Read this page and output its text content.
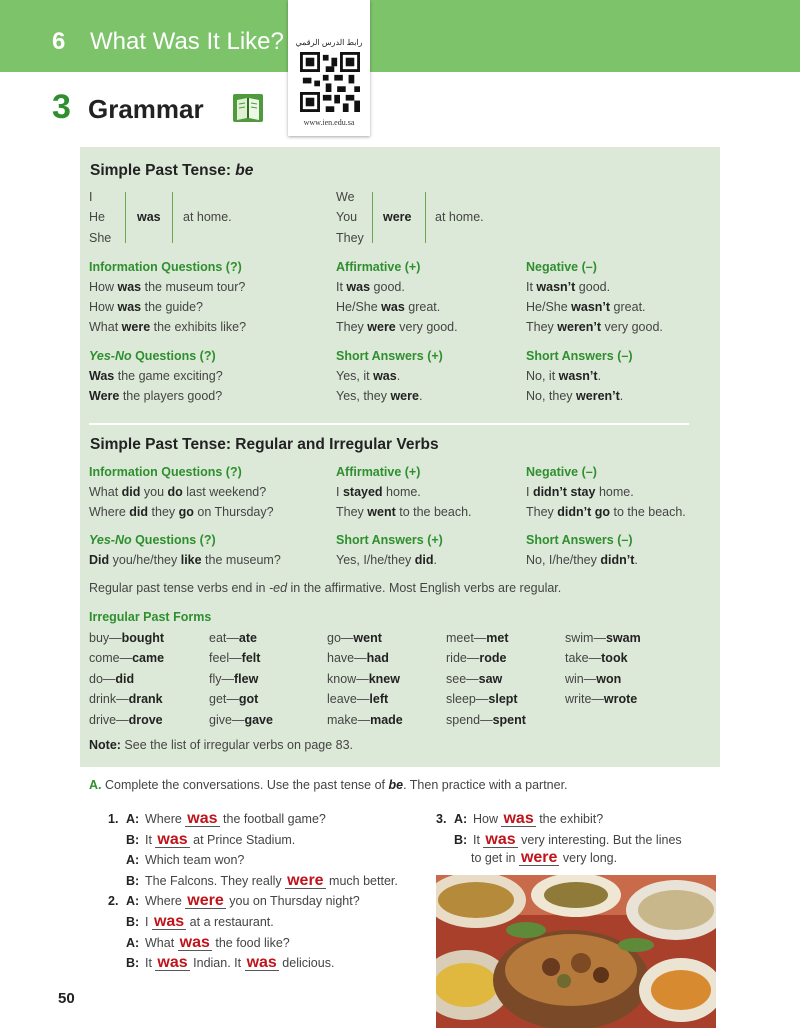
6 What Was It Like?	رابط الدرس الرقمي
www.ien.edu.sa
3 Grammar
Simple Past Tense: be
I
He
She
was at home.
We
You
They
were at home.
Information Questions (?)
How was the museum tour?
How was the guide?
What were the exhibits like?
Affirmative (+)
It was good.
He/She was great.
They were very good.
Negative (–)
It wasn’t good.
He/She wasn’t great.
They weren’t very good.
Yes-No Questions (?)
Was the game exciting?
Were the players good?
Short Answers (+)
Yes, it was.
Yes, they were.
Short Answers (–)
No, it wasn’t.
No, they weren’t.
Simple Past Tense: Regular and Irregular Verbs
Information Questions (?)
What did you do last weekend?
Where did they go on Thursday?
Affirmative (+)
I stayed home.
They went to the beach.
Negative (–)
I didn’t stay home.
They didn’t go to the beach.
Yes-No Questions (?)
Did you/he/they like the museum?
Short Answers (+)
Yes, I/he/they did.
Short Answers (–)
No, I/he/they didn’t.
Regular past tense verbs end in -ed in the affirmative. Most English verbs are regular.
Irregular Past Forms
buy—bought
come—came
do—did
drink—drank
drive—drove
eat—ate
feel—felt
fly—flew
get—got
give—gave
go—went
have—had
know—knew
leave—left
make—made
meet—met
ride—rode
see—saw
sleep—slept
spend—spent
swim—swam
take—took
win—won
write—wrote
Note: See the list of irregular verbs on page 83.
A. Complete the conversations. Use the past tense of be. Then practice with a partner.
1. A: Where was the football game?
B: It was at Prince Stadium.
A: Which team won?
B: The Falcons. They really were much better.
2. A: Where were you on Thursday night?
B: I was at a restaurant.
A: What was the food like?
B: It was Indian. It was delicious.
3. A: How was the exhibit?
B: It was very interesting. But the lines
to get in were very long.
50
